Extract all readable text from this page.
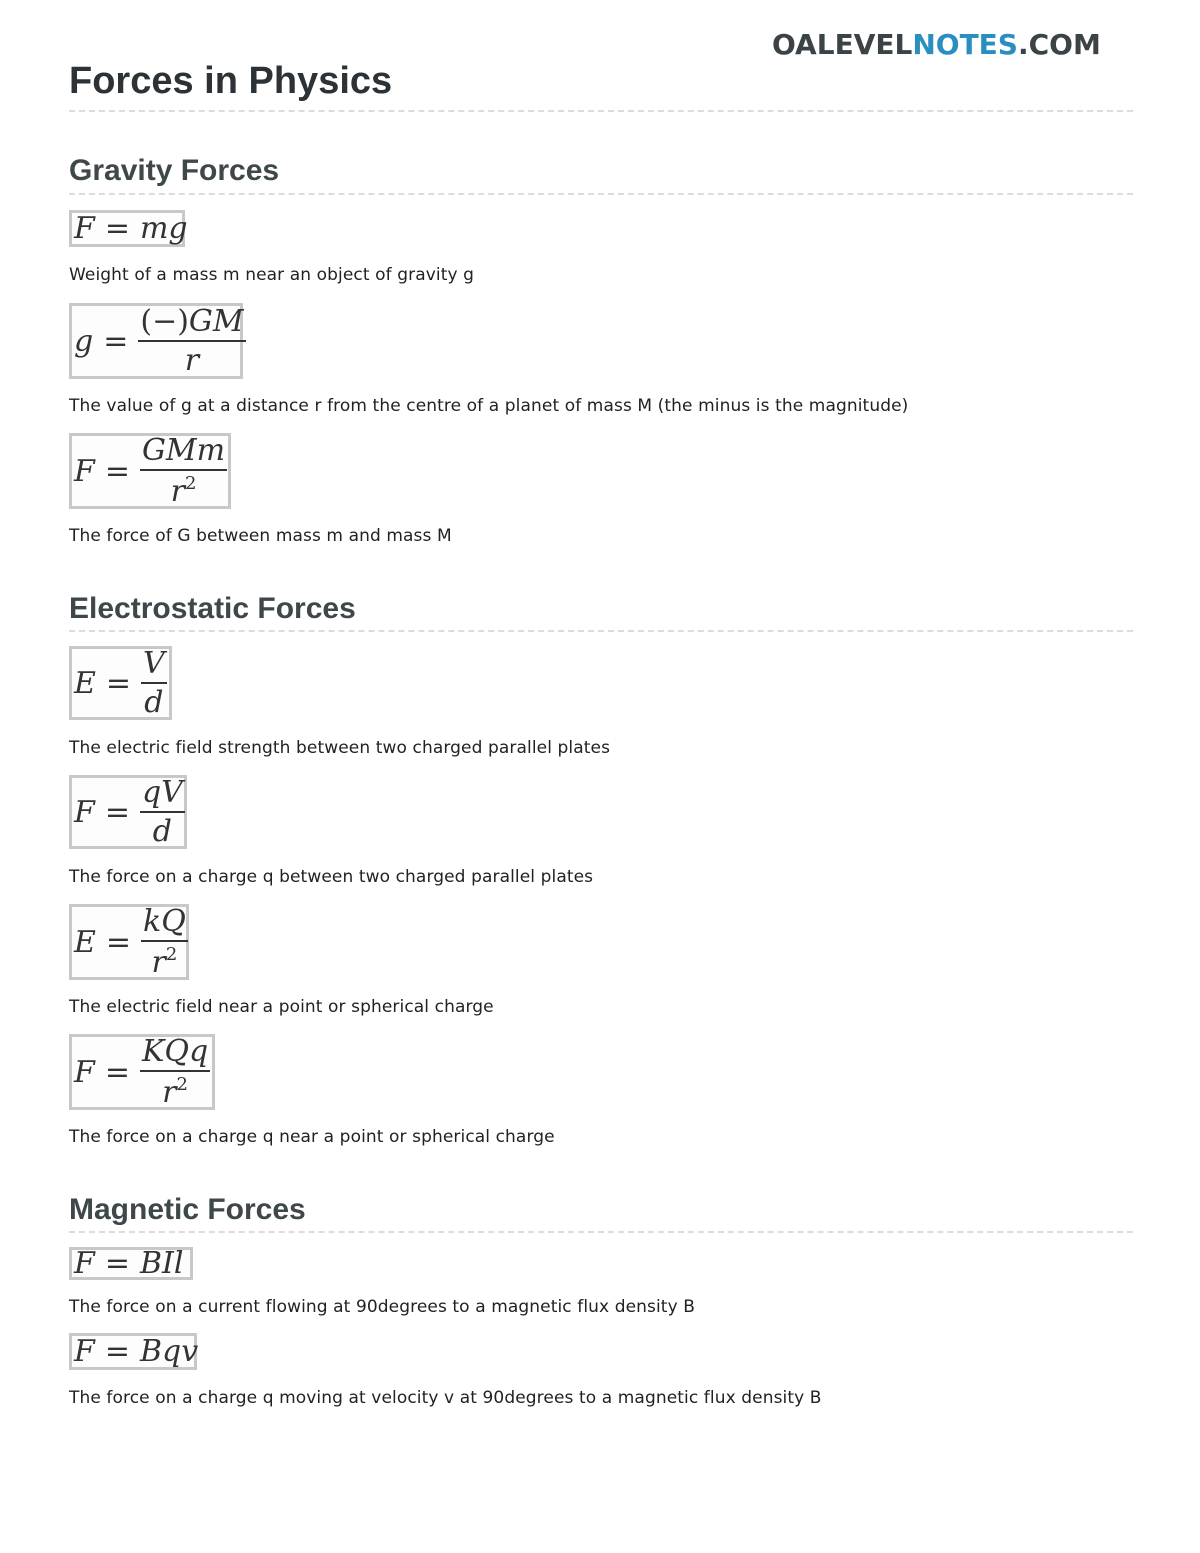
OALEVELNOTES.COM
Forces in Physics
Gravity Forces
F = mg

Weight of a mass m near an object of gravity g

$g = \frac{(-)GM}{r}$

The value of g at a distance r from the centre of a planet of mass M (the minus is the magnitude)

$F = \frac{\text{GMm}}{r^2}$

The force of G between mass m and mass M

Electrostatic Forces
$E = \frac{V}{d}$

The electric field strength between two charged parallel plates

$F = \frac{qV}{d}$

The force on a charge q between two charged parallel plates

$E = \frac{kQ}{r^2}$

The electric field near a point or spherical charge

$F = \frac{\text{KQq}}{r^2}$

The force on a charge q near a point or spherical charge

Magnetic Forces
F = BIl

The force on a current flowing at 90degrees to a magnetic flux density B

F = Bqv

The force on a charge q moving at velocity v at 90degrees to a magnetic flux density B
